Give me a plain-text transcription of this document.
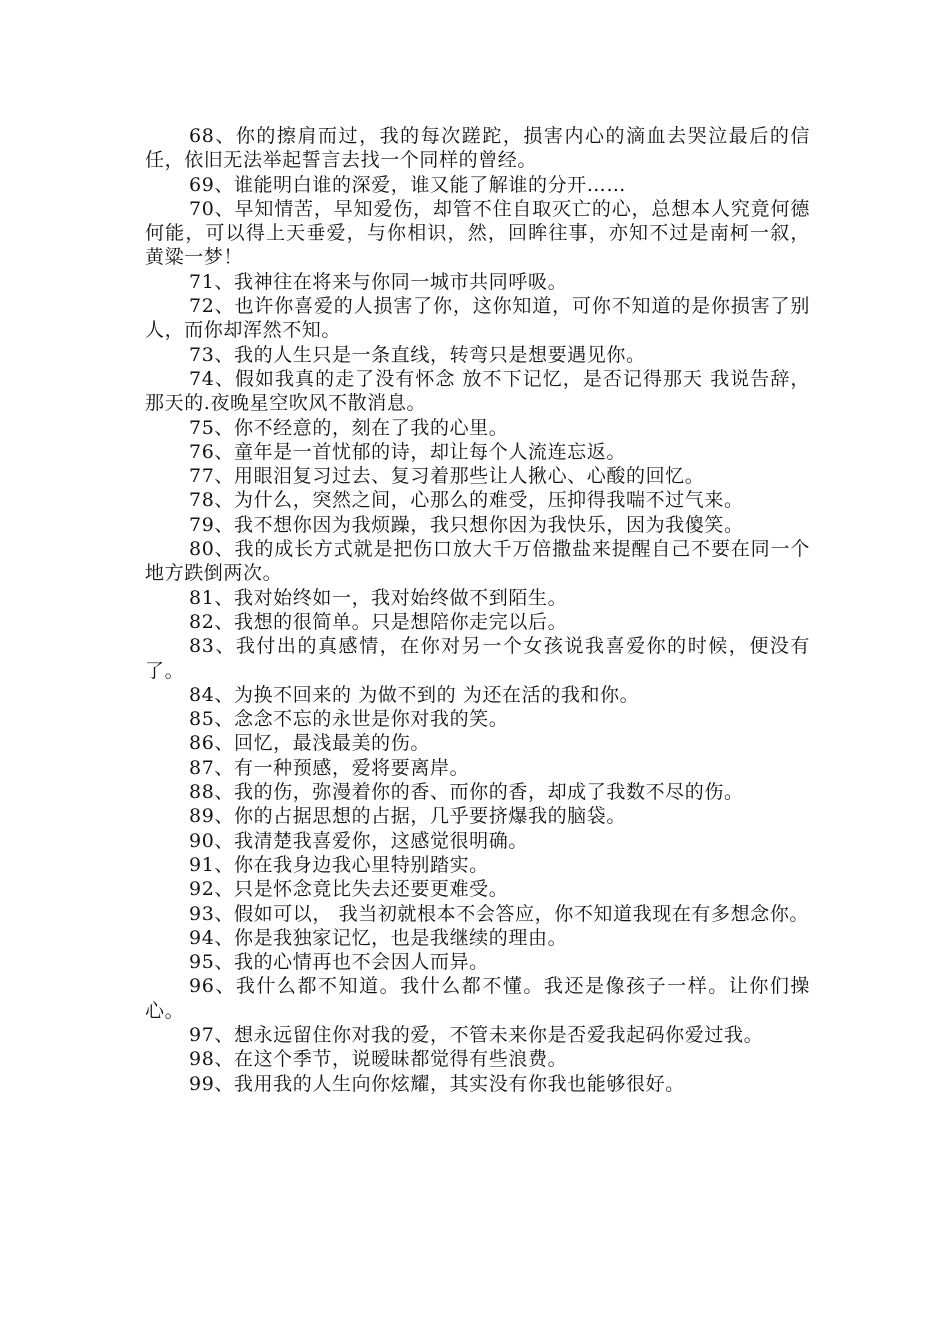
68、你的擦肩而过，我的每次蹉跎，损害内心的滴血去哭泣最后的信任，依旧无法举起誓言去找一个同样的曾经。

69、谁能明白谁的深爱，谁又能了解谁的分开……

70、早知情苦，早知爱伤，却管不住自取灭亡的心，总想本人究竟何德何能，可以得上天垂爱，与你相识，然，回眸往事，亦知不过是南柯一叙，黄粱一梦！

71、我神往在将来与你同一城市共同呼吸。

72、也许你喜爱的人损害了你，这你知道，可你不知道的是你损害了别人，而你却浑然不知。

73、我的人生只是一条直线，转弯只是想要遇见你。

74、假如我真的走了没有怀念 放不下记忆，是否记得那天 我说告辞，那天的.夜晚星空吹风不散消息。

75、你不经意的，刻在了我的心里。

76、童年是一首忧郁的诗，却让每个人流连忘返。

77、用眼泪复习过去、复习着那些让人揪心、心酸的回忆。

78、为什么，突然之间，心那么的难受，压抑得我喘不过气来。

79、我不想你因为我烦躁，我只想你因为我快乐，因为我傻笑。

80、我的成长方式就是把伤口放大千万倍撒盐来提醒自己不要在同一个地方跌倒两次。

81、我对始终如一，我对始终做不到陌生。

82、我想的很简单。只是想陪你走完以后。

83、我付出的真感情，在你对另一个女孩说我喜爱你的时候，便没有了。

84、为换不回来的 为做不到的 为还在活的我和你。

85、念念不忘的永世是你对我的笑。

86、回忆，最浅最美的伤。

87、有一种预感，爱将要离岸。

88、我的伤，弥漫着你的香、而你的香，却成了我数不尽的伤。

89、你的占据思想的占据，几乎要挤爆我的脑袋。

90、我清楚我喜爱你，这感觉很明确。

91、你在我身边我心里特别踏实。

92、只是怀念竟比失去还要更难受。

93、假如可以， 我当初就根本不会答应，你不知道我现在有多想念你。

94、你是我独家记忆，也是我继续的理由。

95、我的心情再也不会因人而异。

96、我什么都不知道。我什么都不懂。我还是像孩子一样。让你们操心。

97、想永远留住你对我的爱，不管未来你是否爱我起码你爱过我。

98、在这个季节，说暧昧都觉得有些浪费。

99、我用我的人生向你炫耀，其实没有你我也能够很好。
